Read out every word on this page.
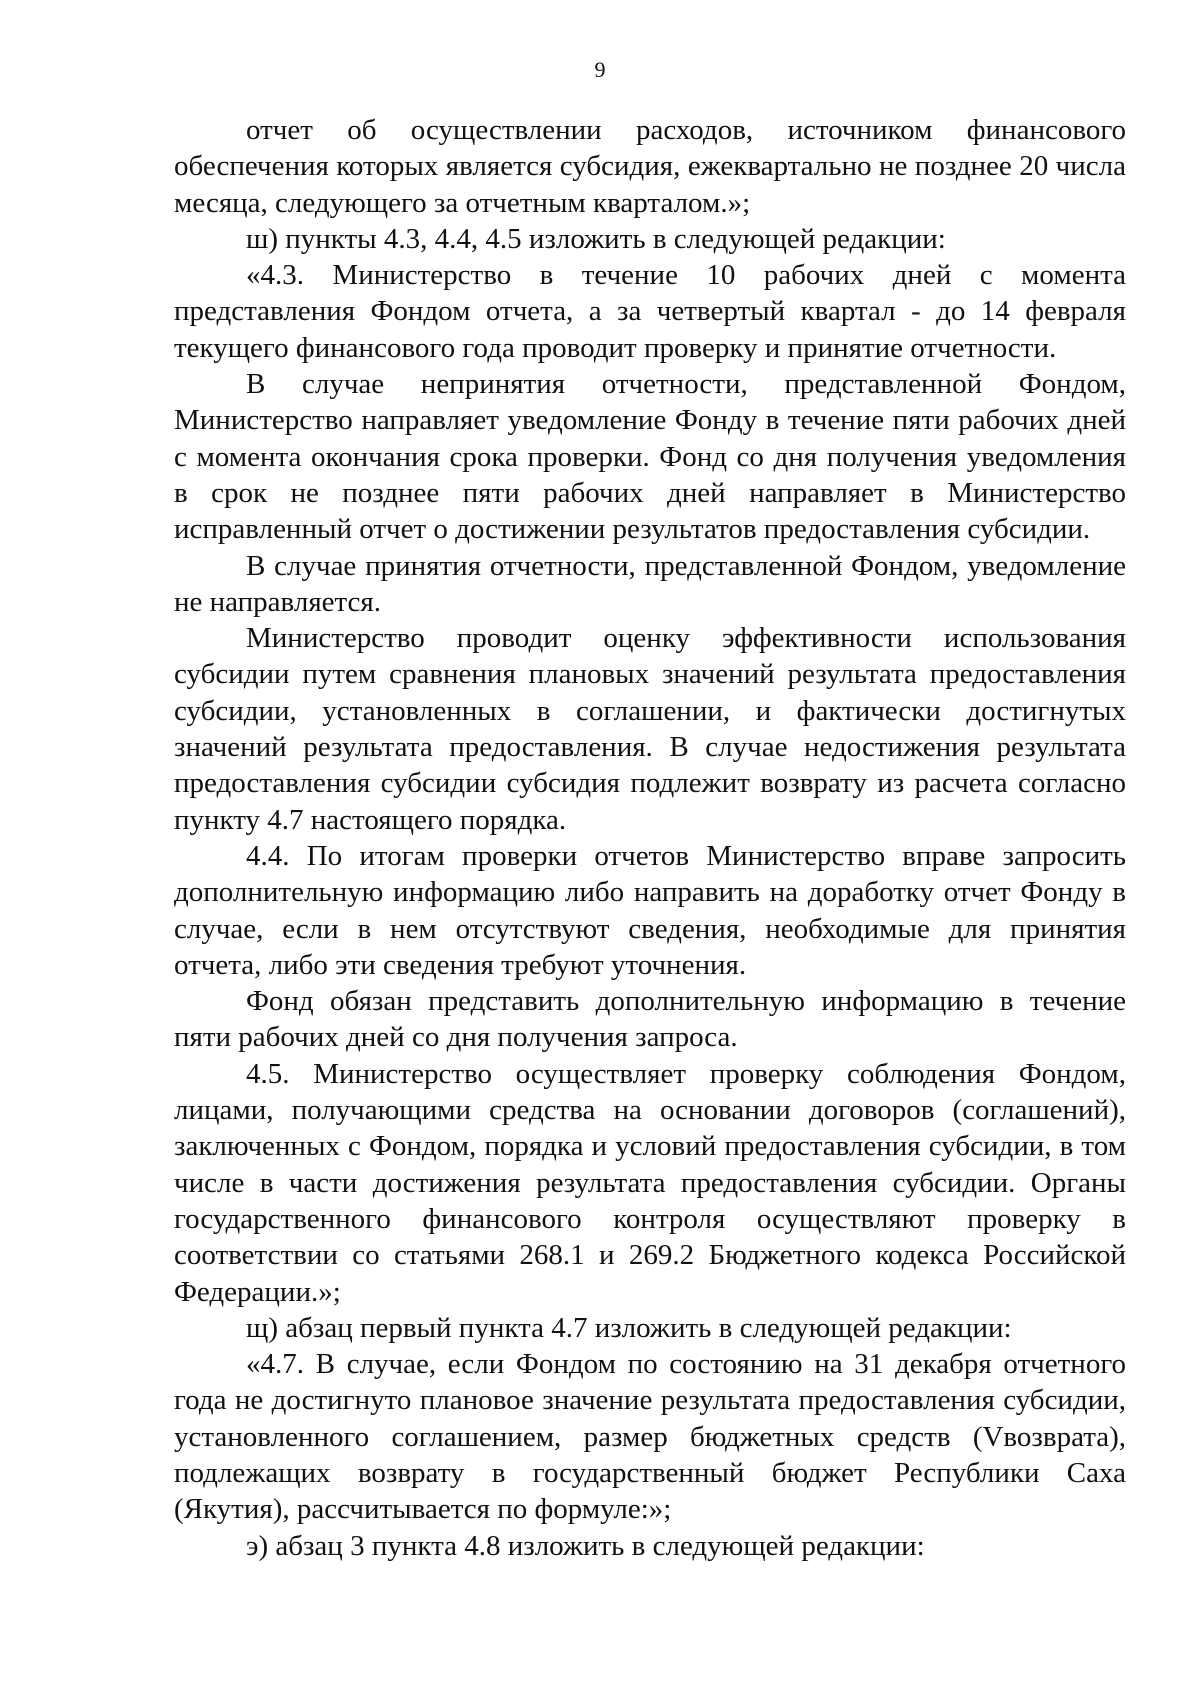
9

отчет об осуществлении расходов, источником финансового обеспечения которых является субсидия, ежеквартально не позднее 20 числа месяца, следующего за отчетным кварталом.»;

ш) пункты 4.3, 4.4, 4.5 изложить в следующей редакции:

«4.3. Министерство в течение 10 рабочих дней с момента представления Фондом отчета, а за четвертый квартал - до 14 февраля текущего финансового года проводит проверку и принятие отчетности.

В случае непринятия отчетности, представленной Фондом, Министерство направляет уведомление Фонду в течение пяти рабочих дней с момента окончания срока проверки. Фонд со дня получения уведомления в срок не позднее пяти рабочих дней направляет в Министерство исправленный отчет о достижении результатов предоставления субсидии.

В случае принятия отчетности, представленной Фондом, уведомление не направляется.

Министерство проводит оценку эффективности использования субсидии путем сравнения плановых значений результата предоставления субсидии, установленных в соглашении, и фактически достигнутых значений результата предоставления. В случае недостижения результата предоставления субсидии субсидия подлежит возврату из расчета согласно пункту 4.7 настоящего порядка.

4.4. По итогам проверки отчетов Министерство вправе запросить дополнительную информацию либо направить на доработку отчет Фонду в случае, если в нем отсутствуют сведения, необходимые для принятия отчета, либо эти сведения требуют уточнения.

Фонд обязан представить дополнительную информацию в течение пяти рабочих дней со дня получения запроса.

4.5. Министерство осуществляет проверку соблюдения Фондом, лицами, получающими средства на основании договоров (соглашений), заключенных с Фондом, порядка и условий предоставления субсидии, в том числе в части достижения результата предоставления субсидии. Органы государственного финансового контроля осуществляют проверку в соответствии со статьями 268.1 и 269.2 Бюджетного кодекса Российской Федерации.»;

щ) абзац первый пункта 4.7 изложить в следующей редакции:

«4.7. В случае, если Фондом по состоянию на 31 декабря отчетного года не достигнуто плановое значение результата предоставления субсидии, установленного соглашением, размер бюджетных средств (Vвозврата), подлежащих возврату в государственный бюджет Республики Саха (Якутия), рассчитывается по формуле:»;

э) абзац 3 пункта 4.8 изложить в следующей редакции:
